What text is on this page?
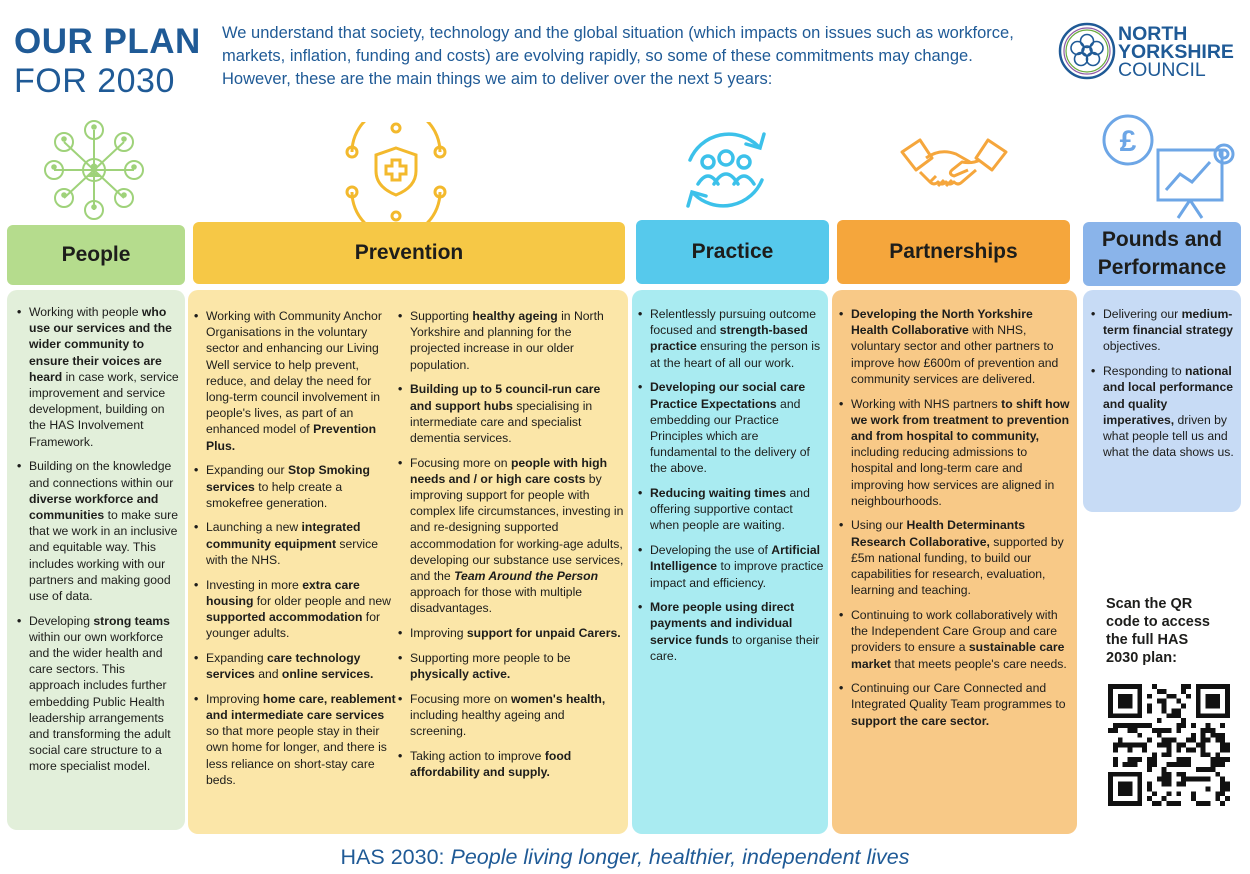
OUR PLAN
FOR 2030
We understand that society, technology and the global situation (which impacts on issues such as workforce, markets, inflation, funding and costs) are evolving rapidly, so some of these commitments may change. However, these are the main things we aim to deliver over the next 5 years:
NORTH
YORKSHIRE
COUNCIL
£
People	Prevention	Practice	Partnerships
Pounds and
Performance
• Working with people who use our services and the wider community to ensure their voices are heard in case work, service improvement and service development, building on the HAS Involvement Framework.
• Building on the knowledge and connections within our diverse workforce and communities to make sure that we work in an inclusive and equitable way. This includes working with our partners and making good use of data.
• Developing strong teams within our own workforce and the wider health and care sectors. This approach includes further embedding Public Health leadership arrangements and transforming the adult social care structure to a more specialist model.
• Working with Community Anchor Organisations in the voluntary sector and enhancing our Living Well service to help prevent, reduce, and delay the need for long-term council involvement in people's lives, as part of an enhanced model of Prevention Plus.
• Expanding our Stop Smoking services to help create a smokefree generation.
• Launching a new integrated community equipment service with the NHS.
• Investing in more extra care housing for older people and new supported accommodation for younger adults.
• Expanding care technology services and online services.
• Improving home care, reablement and intermediate care services so that more people stay in their own home for longer, and there is less reliance on short-stay care beds.
• Supporting healthy ageing in North Yorkshire and planning for the projected increase in our older population.
• Building up to 5 council-run care and support hubs specialising in intermediate care and specialist dementia services.
• Focusing more on people with high needs and / or high care costs by improving support for people with complex life circumstances, investing in and re-designing supported accommodation for working-age adults, developing our substance use services, and the Team Around the Person approach for those with multiple disadvantages.
• Improving support for unpaid Carers.
• Supporting more people to be physically active.
• Focusing more on women's health, including healthy ageing and screening.
• Taking action to improve food affordability and supply.
• Relentlessly pursuing outcome focused and strength-based practice ensuring the person is at the heart of all our work.
• Developing our social care Practice Expectations and embedding our Practice Principles which are fundamental to the delivery of the above.
• Reducing waiting times and offering supportive contact when people are waiting.
• Developing the use of Artificial Intelligence to improve practice impact and efficiency.
• More people using direct payments and individual service funds to organise their care.
• Developing the North Yorkshire Health Collaborative with NHS, voluntary sector and other partners to improve how £600m of prevention and community services are delivered.
• Working with NHS partners to shift how we work from treatment to prevention and from hospital to community, including reducing admissions to hospital and long-term care and improving how services are aligned in neighbourhoods.
• Using our Health Determinants Research Collaborative, supported by £5m national funding, to build our capabilities for research, evaluation, learning and teaching.
• Continuing to work collaboratively with the Independent Care Group and care providers to ensure a sustainable care market that meets people's care needs.
• Continuing our Care Connected and Integrated Quality Team programmes to support the care sector.
• Delivering our medium-term financial strategy objectives.
• Responding to national and local performance and quality imperatives, driven by what people tell us and what the data shows us.
Scan the QR code to access the full HAS 2030 plan:
HAS 2030: People living longer, healthier, independent lives
